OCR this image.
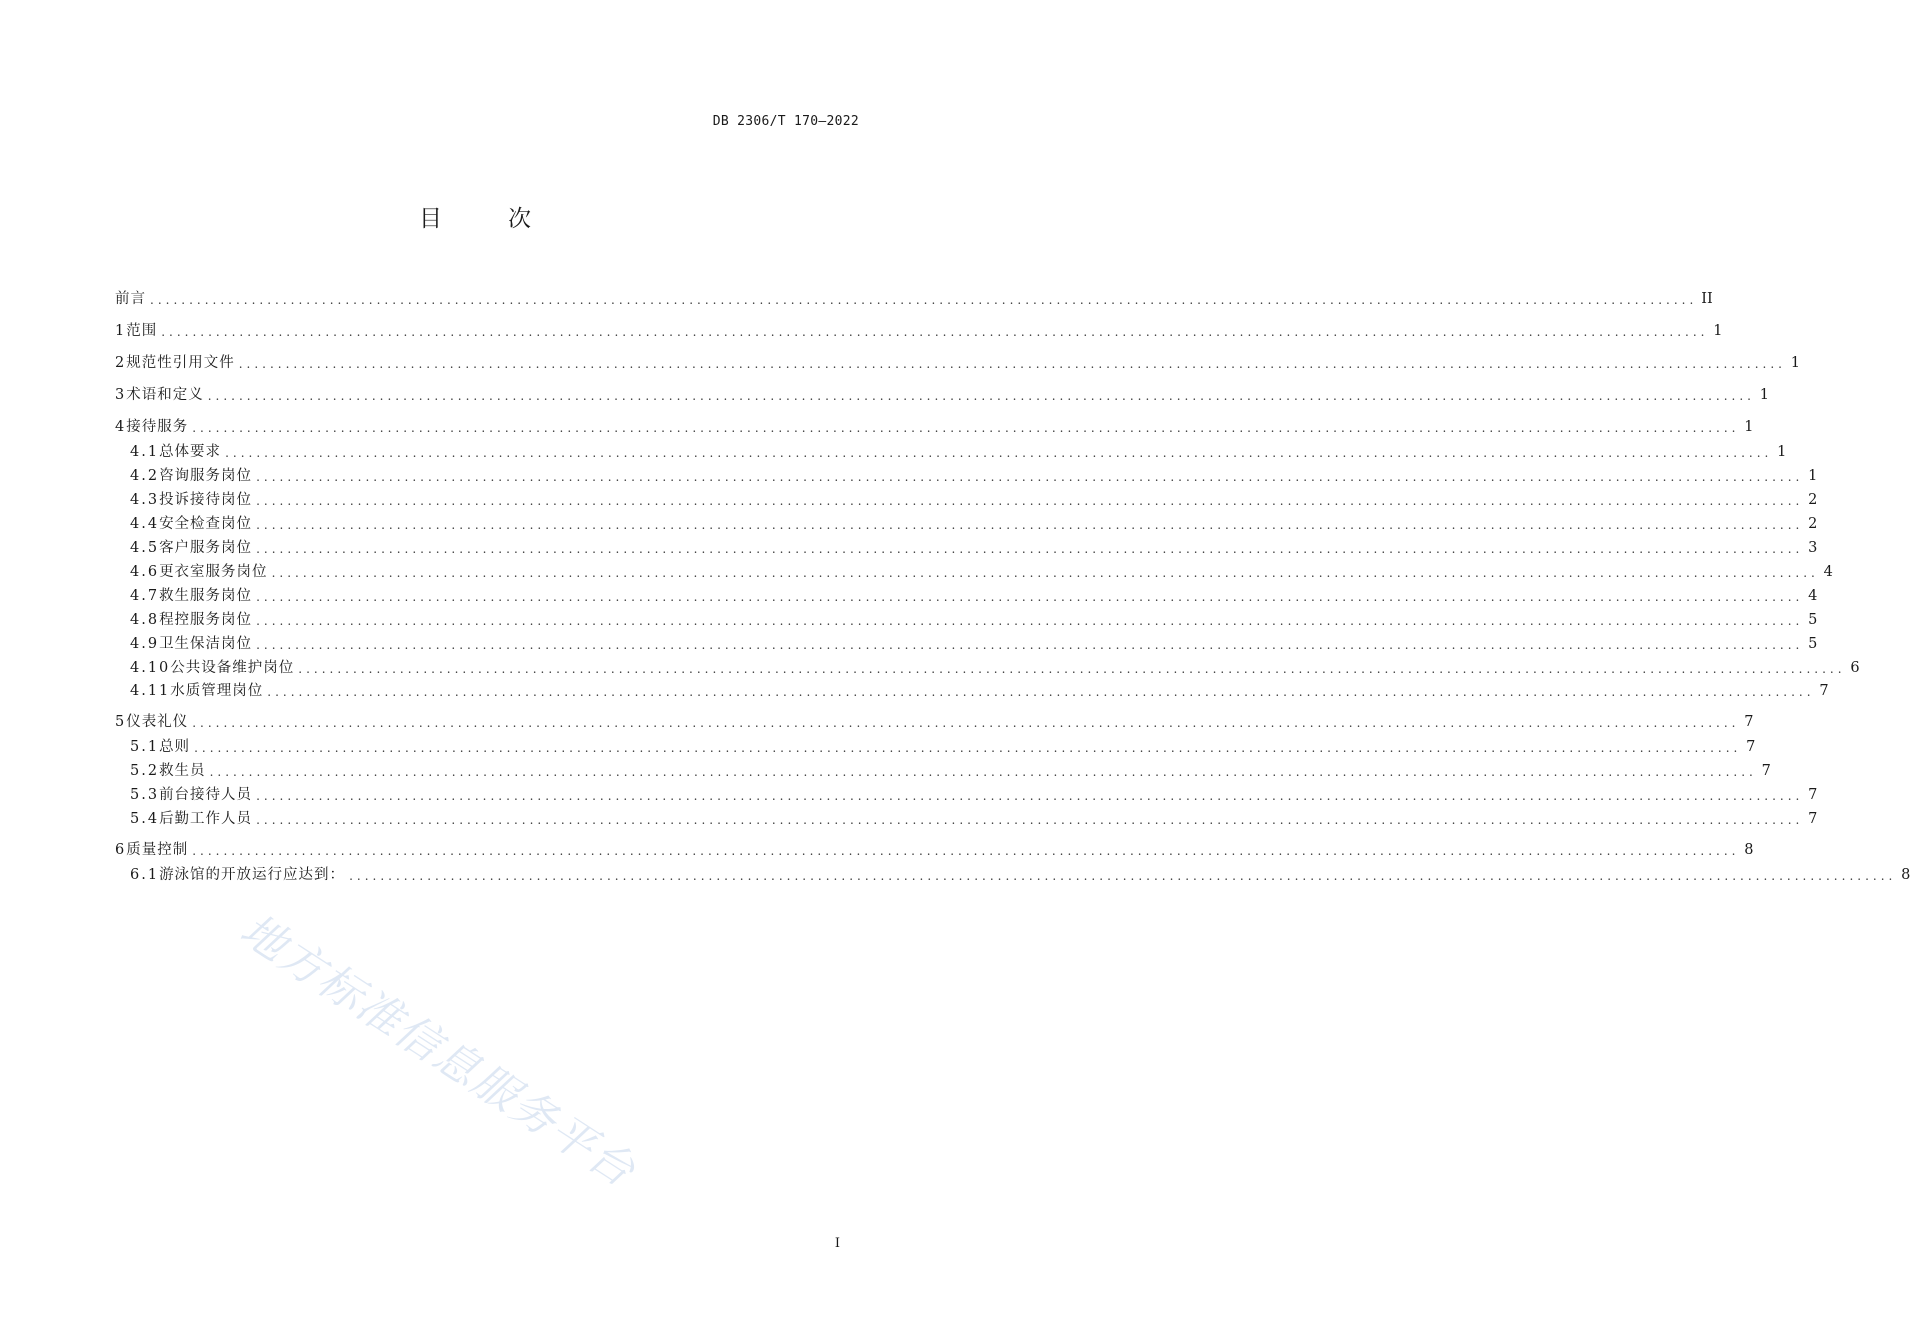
DB 2306/T 170—2022
目次
前言 ...................................................................................................................................................................................................... II
1 范围 ...................................................................................................................................................................................................... 1
2 规范性引用文件 ...................................................................................................................................................................................................... 1
3 术语和定义 ...................................................................................................................................................................................................... 1
4 接待服务 ...................................................................................................................................................................................................... 1
4.1 总体要求 ...................................................................................................................................................................................................... 1
4.2 咨询服务岗位 ...................................................................................................................................................................................................... 1
4.3 投诉接待岗位 ...................................................................................................................................................................................................... 2
4.4 安全检查岗位 ...................................................................................................................................................................................................... 2
4.5 客户服务岗位 ...................................................................................................................................................................................................... 3
4.6 更衣室服务岗位 ...................................................................................................................................................................................................... 4
4.7 救生服务岗位 ...................................................................................................................................................................................................... 4
4.8 程控服务岗位 ...................................................................................................................................................................................................... 5
4.9 卫生保洁岗位 ...................................................................................................................................................................................................... 5
4.10 公共设备维护岗位 ...................................................................................................................................................................................................... 6
4.11 水质管理岗位 ...................................................................................................................................................................................................... 7
5 仪表礼仪 ...................................................................................................................................................................................................... 7
5.1 总则 ...................................................................................................................................................................................................... 7
5.2 救生员 ...................................................................................................................................................................................................... 7
5.3 前台接待人员 ...................................................................................................................................................................................................... 7
5.4 后勤工作人员 ...................................................................................................................................................................................................... 7
6 质量控制 ...................................................................................................................................................................................................... 8
6.1 游泳馆的开放运行应达到： ...................................................................................................................................................................................................... 8
地方标准信息服务平台
I
